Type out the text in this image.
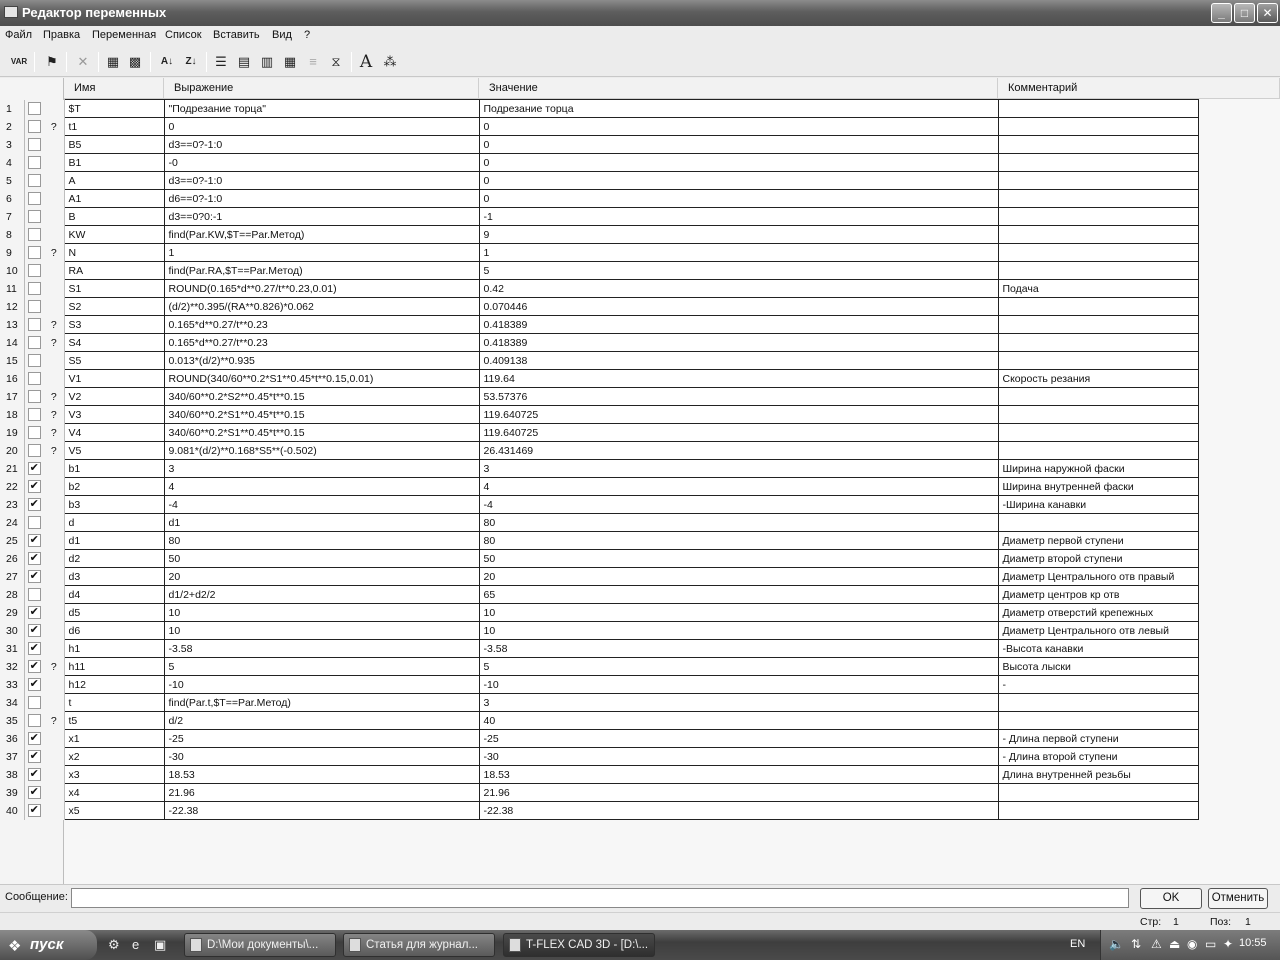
Редактор переменных	_	□	✕
Файл Правка Переменная Список Вставить Вид ?
VAR	⚑	✕	▦ ▩	A↓	Z↓	☰ ▤ ▥ ▦	≡	⧖	A ⁂
Имя	Выражение	Значение	Комментарий
1			$T	"Подрезание торца"	Подрезание торца	
2		?	t1	0	0	
3			B5	d3==0?-1:0	0	
4			B1	-0	0	
5			A	d3==0?-1:0	0	
6			A1	d6==0?-1:0	0	
7			B	d3==0?0:-1	-1	
8			KW	find(Par.KW,$T==Par.Метод)	9	
9		?	N	1	1	
10			RA	find(Par.RA,$T==Par.Метод)	5	
11			S1	ROUND(0.165*d**0.27/t**0.23,0.01)	0.42	Подача
12			S2	(d/2)**0.395/(RA**0.826)*0.062	0.070446	
13		?	S3	0.165*d**0.27/t**0.23	0.418389	
14		?	S4	0.165*d**0.27/t**0.23	0.418389	
15			S5	0.013*(d/2)**0.935	0.409138	
16			V1	ROUND(340/60**0.2*S1**0.45*t**0.15,0.01)	119.64	Скорость резания
17		?	V2	340/60**0.2*S2**0.45*t**0.15	53.57376	
18		?	V3	340/60**0.2*S1**0.45*t**0.15	119.640725	
19		?	V4	340/60**0.2*S1**0.45*t**0.15	119.640725	
20		?	V5	9.081*(d/2)**0.168*S5**(-0.502)	26.431469	
21	✔		b1	3	3	Ширина наружной фаски
22	✔		b2	4	4	Ширина внутренней фаски
23	✔		b3	-4	-4	-Ширина канавки
24			d	d1	80	
25	✔		d1	80	80	Диаметр первой ступени
26	✔		d2	50	50	Диаметр второй ступени
27	✔		d3	20	20	Диаметр Центрального отв правый
28			d4	d1/2+d2/2	65	Диаметр центров кр отв
29	✔		d5	10	10	Диаметр отверстий крепежных
30	✔		d6	10	10	Диаметр Центрального отв левый
31	✔		h1	-3.58	-3.58	-Высота канавки
32	✔	?	h11	5	5	Высота лыски
33	✔		h12	-10	-10	-
34			t	find(Par.t,$T==Par.Метод)	3	
35		?	t5	d/2	40	
36	✔		x1	-25	-25	- Длина первой ступени
37	✔		x2	-30	-30	- Длина второй ступени
38	✔		x3	18.53	18.53	Длина внутренней резьбы
39	✔		x4	21.96	21.96	
40	✔		x5	-22.38	-22.38	
Сообщение:	OK	Отменить
Стр: 1	Поз: 1
❖ пуск	⚙ e ▣	D:\Мои документы\...	Статья для журнал...	T-FLEX CAD 3D - [D:\...	EN 🔈 ⇅ ⚠ ⏏ ◉ ▭ ✦ 10:55
